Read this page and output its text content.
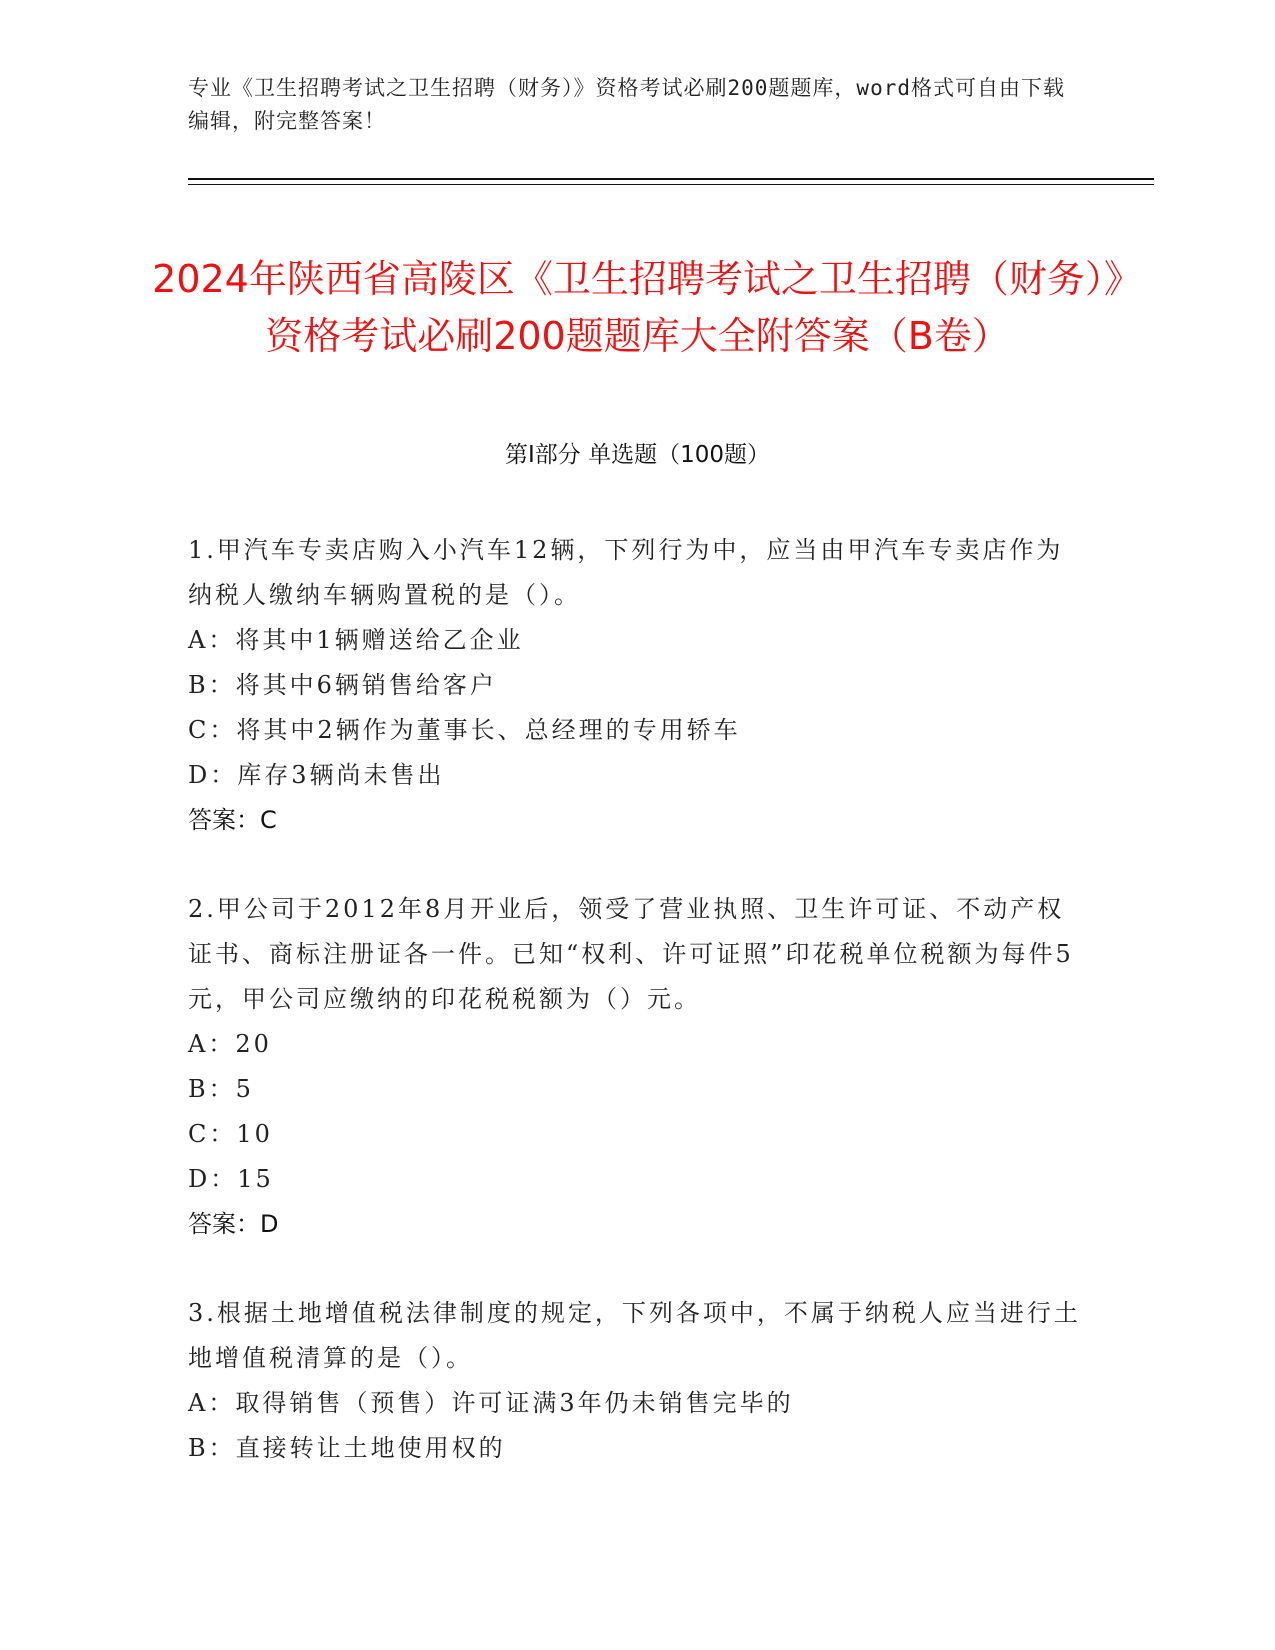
专业《卫生招聘考试之卫生招聘（财务）》资格考试必刷200题题库，word格式可自由下载编辑，附完整答案！
2024年陕西省高陵区《卫生招聘考试之卫生招聘（财务）》资格考试必刷200题题库大全附答案（B卷）
第Ⅰ部分 单选题（100题）
1.甲汽车专卖店购入小汽车12辆，下列行为中，应当由甲汽车专卖店作为纳税人缴纳车辆购置税的是（）。
A：将其中1辆赠送给乙企业
B：将其中6辆销售给客户
C：将其中2辆作为董事长、总经理的专用轿车
D：库存3辆尚未售出
答案：C
2.甲公司于2012年8月开业后，领受了营业执照、卫生许可证、不动产权证书、商标注册证各一件。已知“权利、许可证照”印花税单位税额为每件5元，甲公司应缴纳的印花税税额为（）元。
A：20
B：5
C：10
D：15
答案：D
3.根据土地增值税法律制度的规定，下列各项中，不属于纳税人应当进行土地增值税清算的是（）。
A：取得销售（预售）许可证满3年仍未销售完毕的
B：直接转让土地使用权的
